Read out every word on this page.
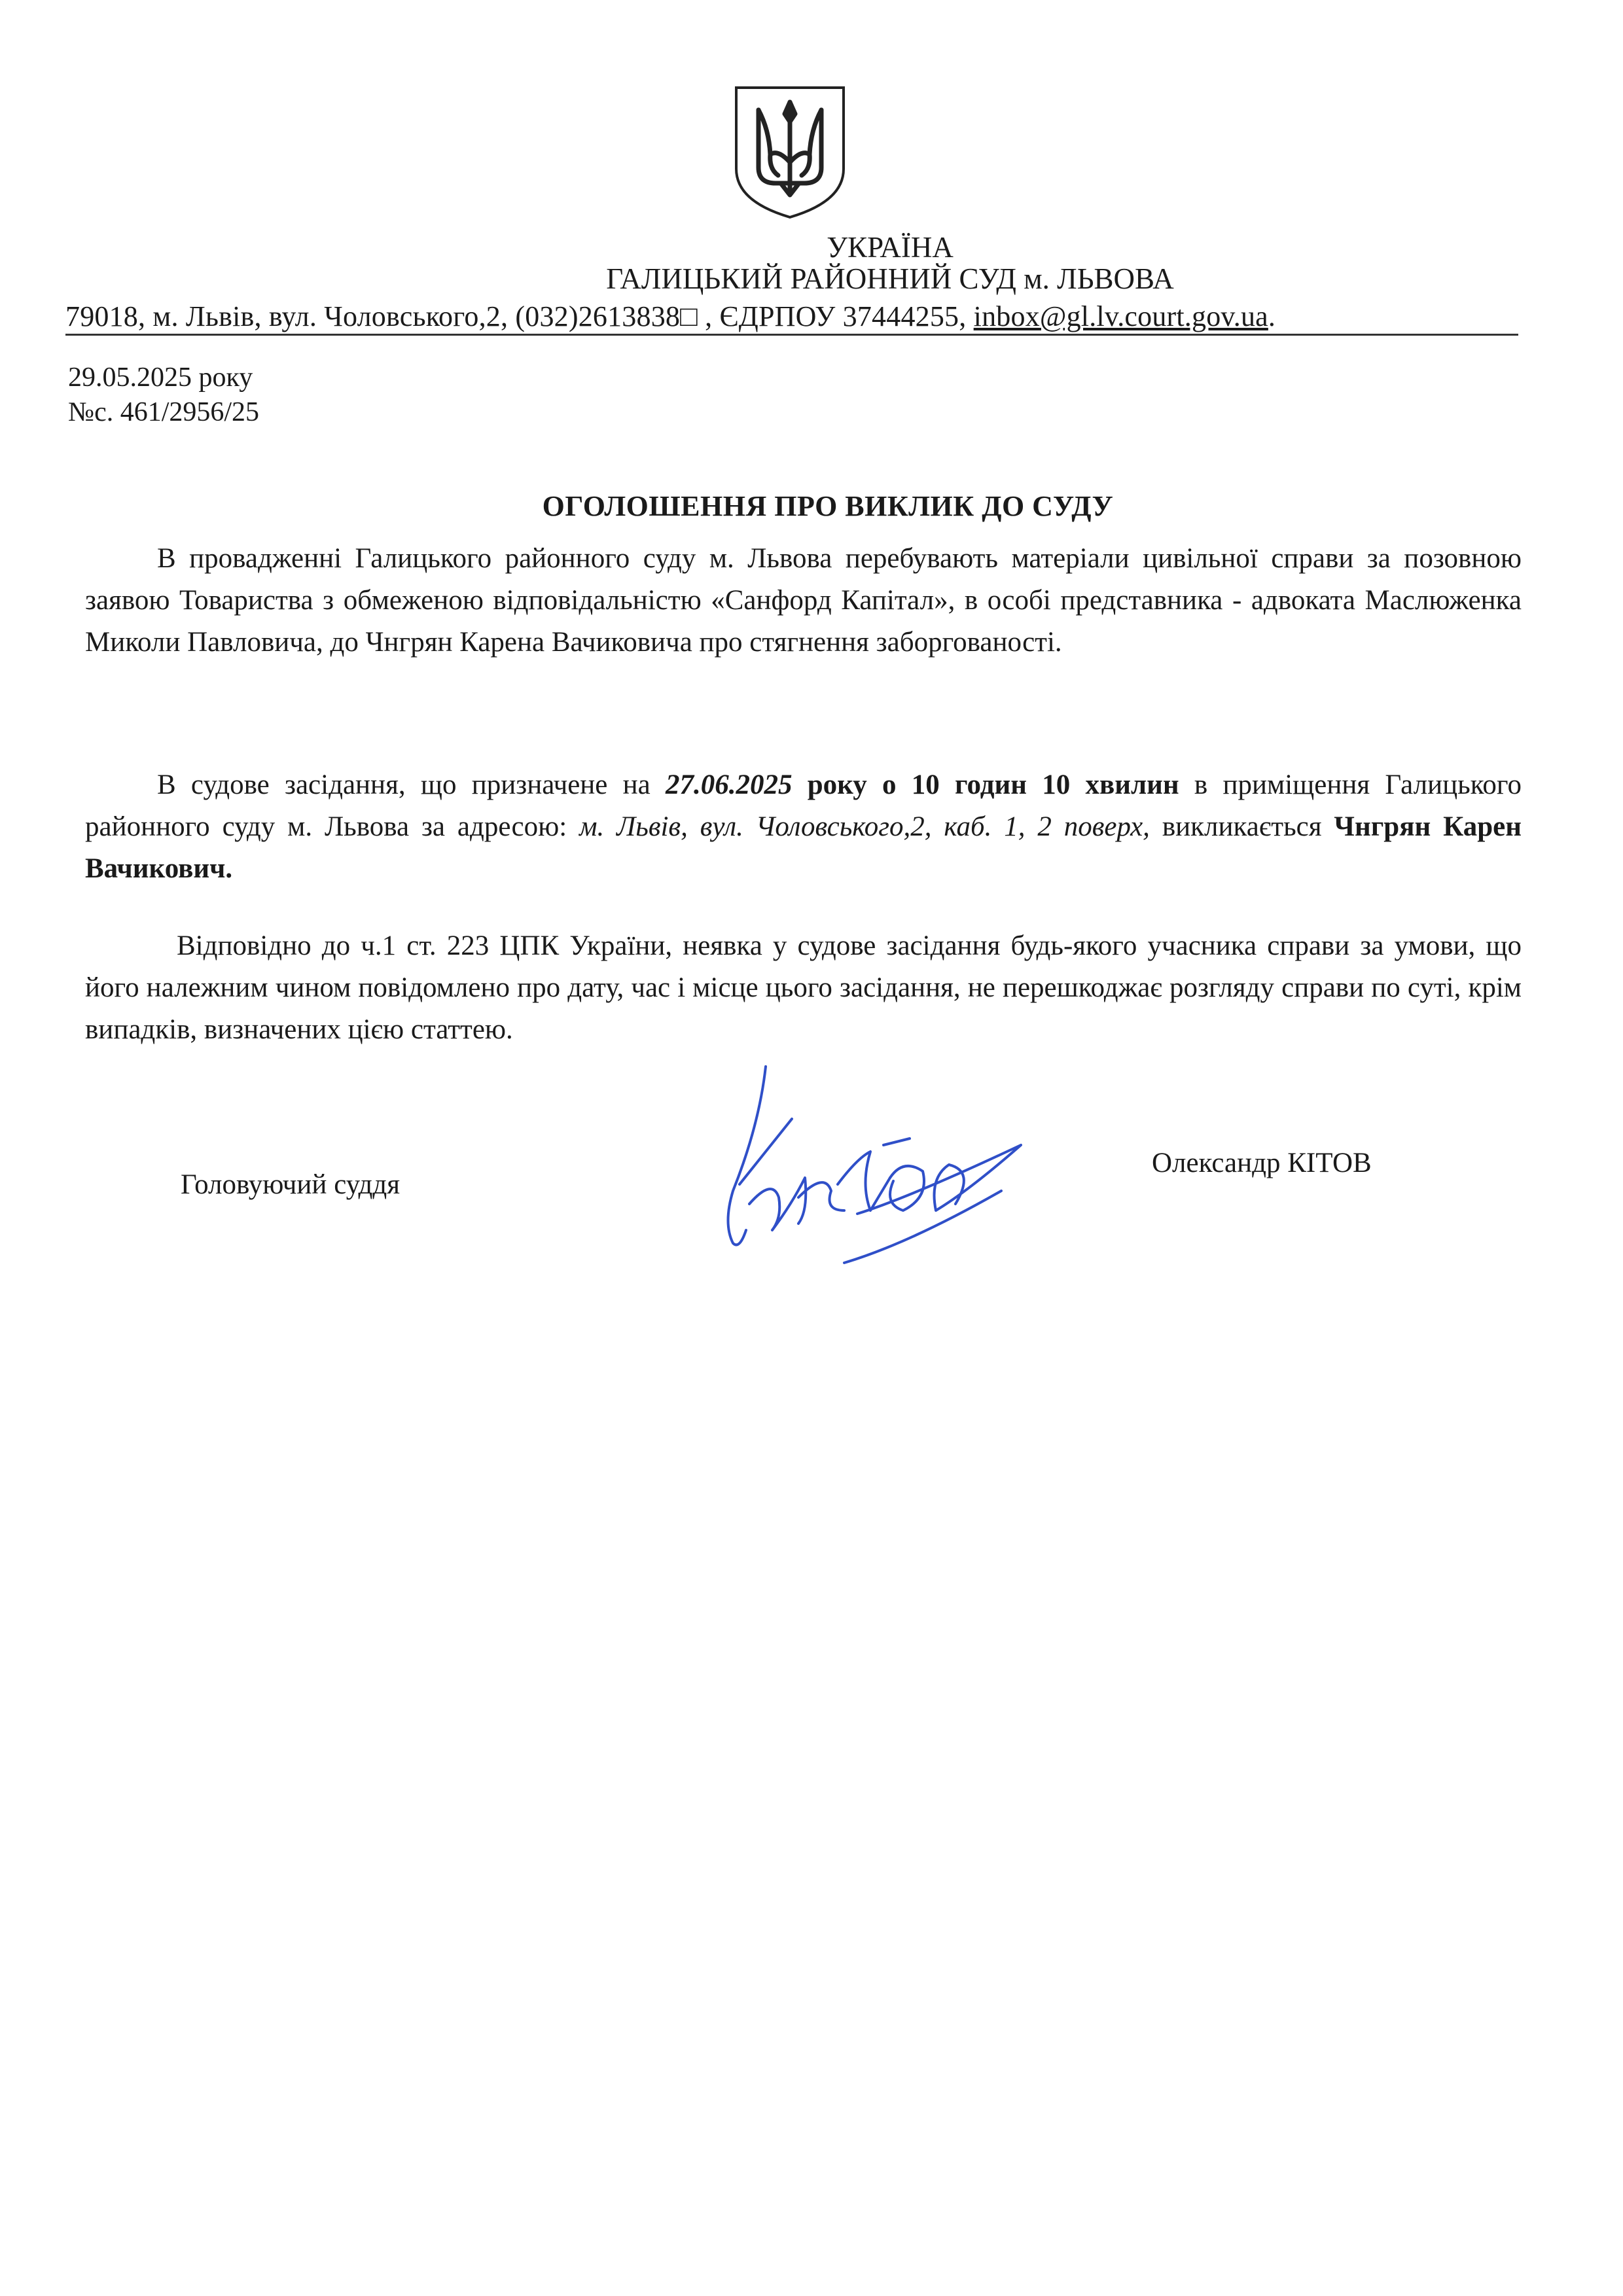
УКРАЇНА
ГАЛИЦЬКИЙ РАЙОННИЙ СУД м. ЛЬВОВА
79018, м. Львів, вул. Чоловського,2, (032)2613838□ , ЄДРПОУ 37444255, inbox@gl.lv.court.gov.ua.
29.05.2025 року
№с. 461/2956/25
ОГОЛОШЕННЯ ПРО ВИКЛИК ДО СУДУ

В провадженні Галицького районного суду м. Львова перебувають матеріали цивільної справи за позовною заявою Товариства з обмеженою відповідальністю «Санфорд Капітал», в особі представника - адвоката Маслюженка Миколи Павловича, до Чнгрян Карена Вачиковича про стягнення заборгованості.

В судове засідання, що призначене на 27.06.2025 року о 10 годин 10 хвилин в приміщення Галицького районного суду м. Львова за адресою: м. Львів, вул. Чоловського,2, каб. 1, 2 поверх, викликається Чнгрян Карен Вачикович.

Відповідно до ч.1 ст. 223 ЦПК України, неявка у судове засідання будь-якого учасника справи за умови, що його належним чином повідомлено про дату, час і місце цього засідання, не перешкоджає розгляду справи по суті, крім випадків, визначених цією статтею.

Головуючий суддя
Олександр КІТОВ
